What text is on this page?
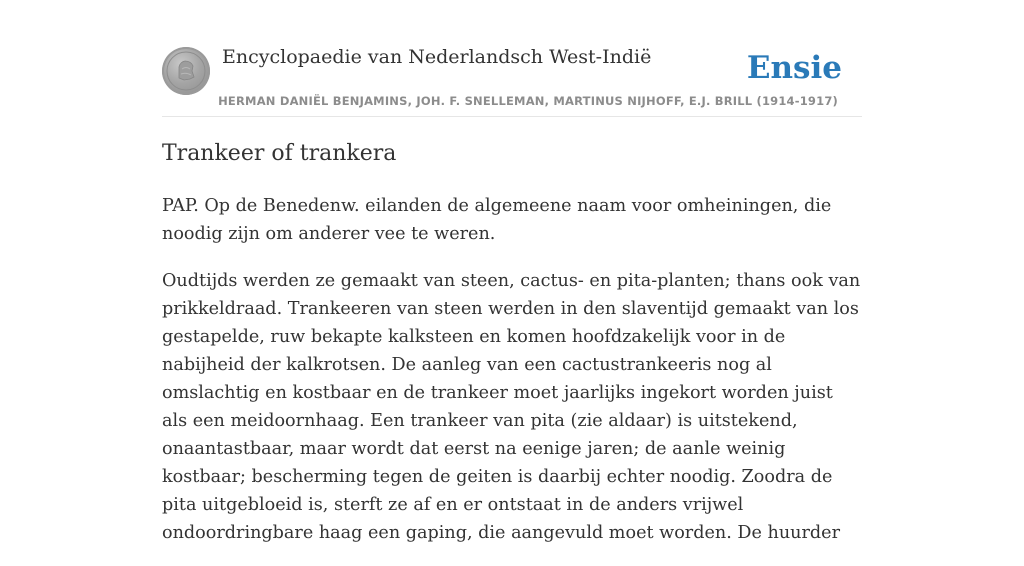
Encyclopaedie van Nederlandsch West-Indië	Ensie
HERMAN DANIËL BENJAMINS, JOH. F. SNELLEMAN, MARTINUS NIJHOFF, E.J. BRILL (1914-1917)
Trankeer of trankera

PAP. Op de Benedenw. eilanden de algemeene naam voor omheiningen, die noodig zijn om anderer vee te weren.

Oudtijds werden ze gemaakt van steen, cactus- en pita-planten; thans ook van prikkeldraad. Trankeeren van steen werden in den slaventijd gemaakt van los gestapelde, ruw bekapte kalksteen en komen hoofdzakelijk voor in de nabijheid der kalkrotsen. De aanleg van een cactustrankeeris nog al omslachtig en kostbaar en de trankeer moet jaarlijks ingekort worden juist als een meidoornhaag. Een trankeer van pita (zie aldaar) is uitstekend, onaantastbaar, maar wordt dat eerst na eenige jaren; de aanle weinig kostbaar; bescherming tegen de geiten is daarbij echter noodig. Zoodra de pita uitgebloeid is, sterft ze af en er ontstaat in de anders vrijwel ondoordringbare haag een gaping, die aangevuld moet worden. De huurder
